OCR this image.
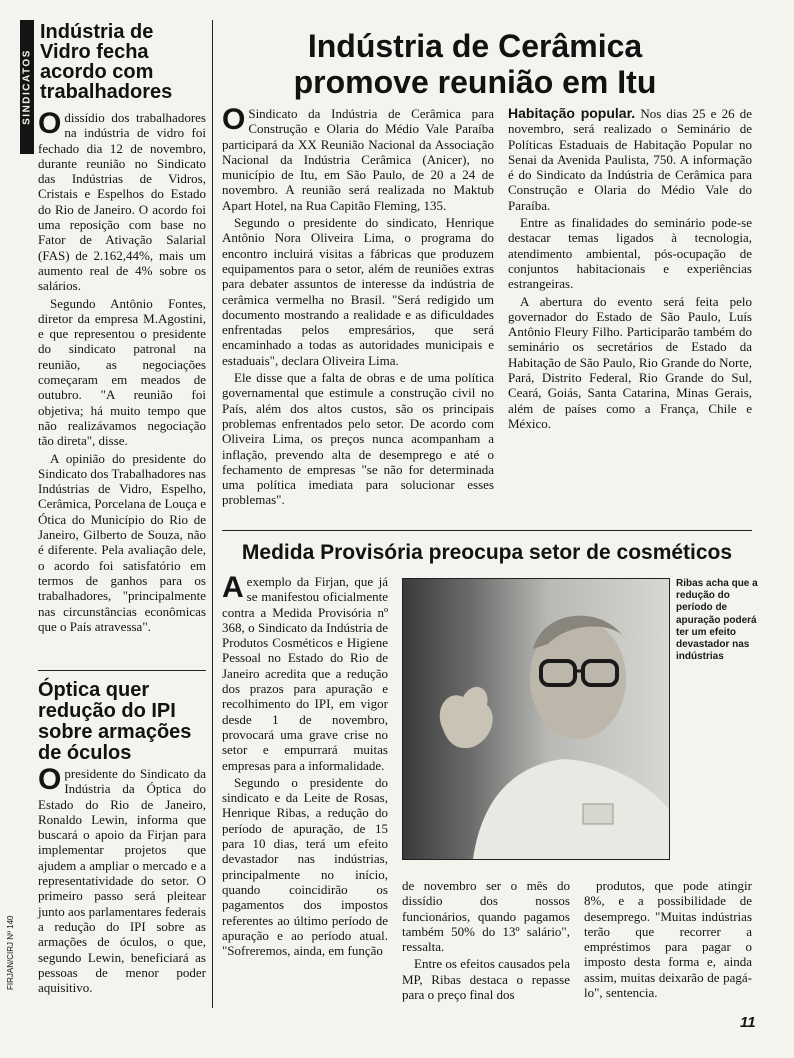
SINDICATOS
Indústria de Vidro fecha acordo com trabalhadores

Odissídio dos trabalhadores na indústria de vidro foi fechado dia 12 de novembro, durante reunião no Sindicato das Indústrias de Vidros, Cristais e Espelhos do Estado do Rio de Janeiro. O acordo foi uma reposição com base no Fator de Ativação Salarial (FAS) de 2.162,44%, mais um aumento real de 4% sobre os salários.

Segundo Antônio Fontes, diretor da empresa M.Agostini, e que representou o presidente do sindicato patronal na reunião, as negociações começaram em meados de outubro. "A reunião foi objetiva; há muito tempo que não realizávamos negociação tão direta", disse.

A opinião do presidente do Sindicato dos Trabalhadores nas Indústrias de Vidro, Espelho, Cerâmica, Porcelana de Louça e Ótica do Município do Rio de Janeiro, Gilberto de Souza, não é diferente. Pela avaliação dele, o acordo foi satisfatório em termos de ganhos para os trabalhadores, "principalmente nas circunstâncias econômicas que o País atravessa".

Óptica quer redução do IPI sobre armações de óculos

Opresidente do Sindicato da Indústria da Óptica do Estado do Rio de Janeiro, Ronaldo Lewin, informa que buscará o apoio da Firjan para implementar projetos que ajudem a ampliar o mercado e a representatividade do setor. O primeiro passo será pleitear junto aos parlamentares federais a redução do IPI sobre as armações de óculos, o que, segundo Lewin, beneficiará as pessoas de menor poder aquisitivo.

FIRJAN/CIRJ Nº 140
Indústria de Cerâmica promove reunião em Itu

O Sindicato da Indústria de Cerâmica para Construção e Olaria do Médio Vale Paraíba participará da XX Reunião Nacional da Associação Nacional da Indústria Cerâmica (Anicer), no município de Itu, em São Paulo, de 20 a 24 de novembro. A reunião será realizada no Maktub Apart Hotel, na Rua Capitão Fleming, 135.

Segundo o presidente do sindicato, Henrique Antônio Nora Oliveira Lima, o programa do encontro incluirá visitas a fábricas que produzem equipamentos para o setor, além de reuniões extras para debater assuntos de interesse da indústria de cerâmica vermelha no Brasil. "Será redigido um documento mostrando a realidade e as dificuldades enfrentadas pelos empresários, que será encaminhado a todas as autoridades municipais e estaduais", declara Oliveira Lima.

Ele disse que a falta de obras e de uma política governamental que estimule a construção civil no País, além dos altos custos, são os principais problemas enfrentados pelo setor. De acordo com Oliveira Lima, os preços nunca acompanham a inflação, prevendo alta de desemprego e até o fechamento de empresas "se não for determinada uma política imediata para solucionar esses problemas".

Habitação popular. Nos dias 25 e 26 de novembro, será realizado o Seminário de Políticas Estaduais de Habitação Popular no Senai da Avenida Paulista, 750. A informação é do Sindicato da Indústria de Cerâmica para Construção e Olaria do Médio Vale do Paraíba.

Entre as finalidades do seminário pode-se destacar temas ligados à tecnologia, atendimento ambiental, pós-ocupação de conjuntos habitacionais e experiências estrangeiras.

A abertura do evento será feita pelo governador do Estado de São Paulo, Luís Antônio Fleury Filho. Participarão também do seminário os secretários de Estado da Habitação de São Paulo, Rio Grande do Norte, Pará, Distrito Federal, Rio Grande do Sul, Ceará, Goiás, Santa Catarina, Minas Gerais, além de países como a França, Chile e México.

Medida Provisória preocupa setor de cosméticos

Aexemplo da Firjan, que já se manifestou oficialmente contra a Medida Provisória nº 368, o Sindicato da Indústria de Produtos Cosméticos e Higiene Pessoal no Estado do Rio de Janeiro acredita que a redução dos prazos para apuração e recolhimento do IPI, em vigor desde 1 de novembro, provocará uma grave crise no setor e empurrará muitas empresas para a informalidade.

Segundo o presidente do sindicato e da Leite de Rosas, Henrique Ribas, a redução do período de apuração, de 15 para 10 dias, terá um efeito devastador nas indústrias, principalmente no início, quando coincidirão os pagamentos dos impostos referentes ao último período de apuração e ao período atual. "Sofreremos, ainda, em função

Ribas acha que a redução do período de apuração poderá ter um efeito devastador nas indústrias

de novembro ser o mês do dissídio dos nossos funcionários, quando pagamos também 50% do 13º salário", ressalta.

Entre os efeitos causados pela MP, Ribas destaca o repasse para o preço final dos

produtos, que pode atingir 8%, e a possibilidade de desemprego. "Muitas indústrias terão que recorrer a empréstimos para pagar o imposto desta forma e, ainda assim, muitas deixarão de pagá-lo", sentencia.

11
